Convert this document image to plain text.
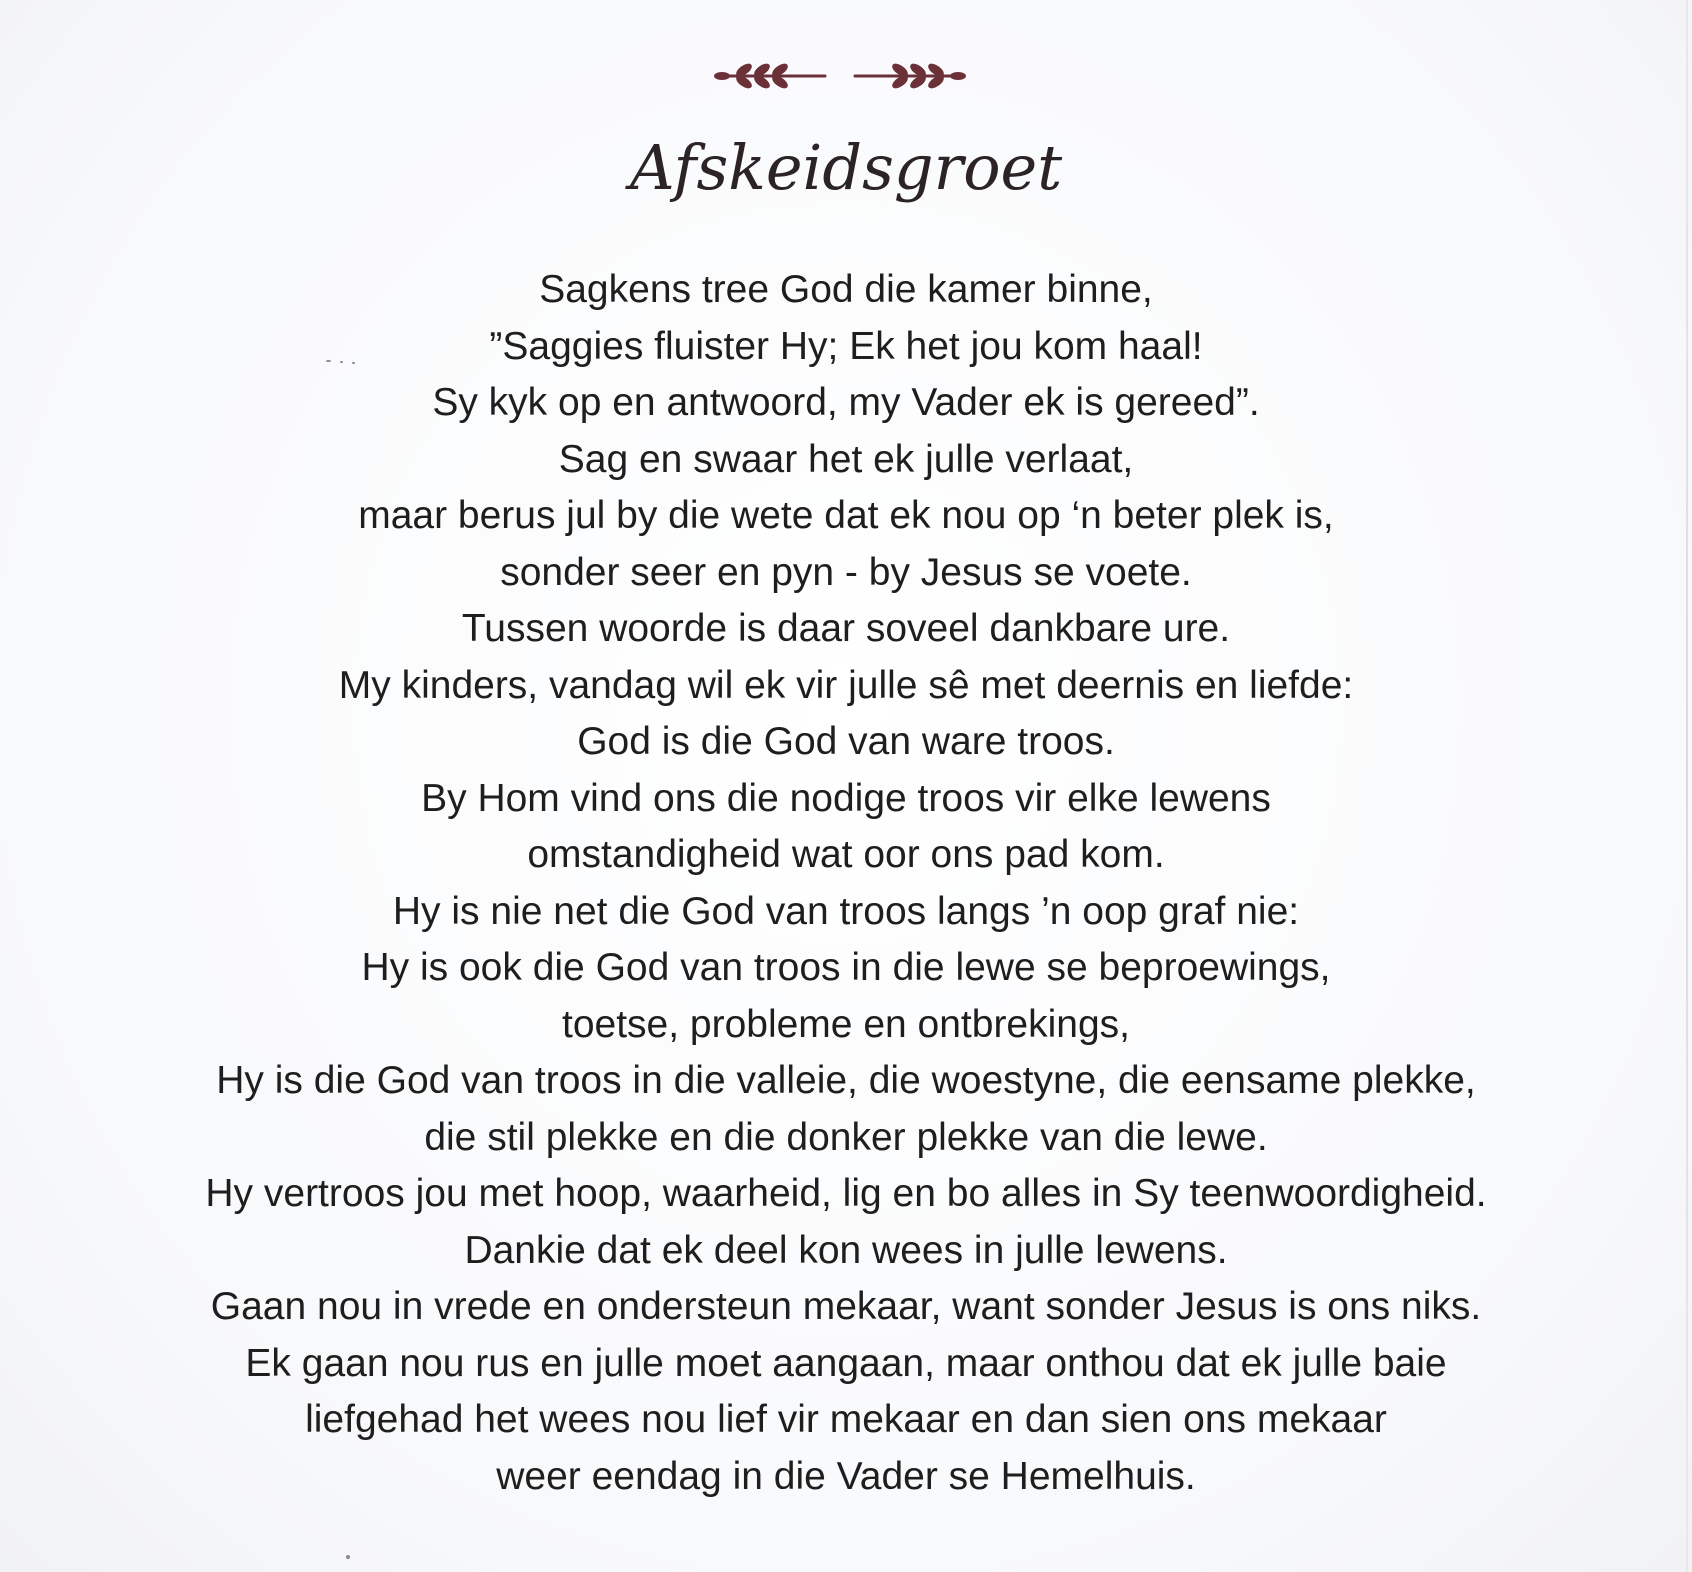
Afskeidsgroet
Sagkens tree God die kamer binne,
”Saggies fluister Hy; Ek het jou kom haal!
Sy kyk op en antwoord, my Vader ek is gereed”.
Sag en swaar het ek julle verlaat,
maar berus jul by die wete dat ek nou op ‘n beter plek is,
sonder seer en pyn - by Jesus se voete.
Tussen woorde is daar soveel dankbare ure.
My kinders, vandag wil ek vir julle sê met deernis en liefde:
God is die God van ware troos.
By Hom vind ons die nodige troos vir elke lewens
omstandigheid wat oor ons pad kom.
Hy is nie net die God van troos langs ’n oop graf nie:
Hy is ook die God van troos in die lewe se beproewings,
toetse, probleme en ontbrekings,
Hy is die God van troos in die valleie, die woestyne, die eensame plekke,
die stil plekke en die donker plekke van die lewe.
Hy vertroos jou met hoop, waarheid, lig en bo alles in Sy teenwoordigheid.
Dankie dat ek deel kon wees in julle lewens.
Gaan nou in vrede en ondersteun mekaar, want sonder Jesus is ons niks.
Ek gaan nou rus en julle moet aangaan, maar onthou dat ek julle baie
liefgehad het wees nou lief vir mekaar en dan sien ons mekaar
weer eendag in die Vader se Hemelhuis.
